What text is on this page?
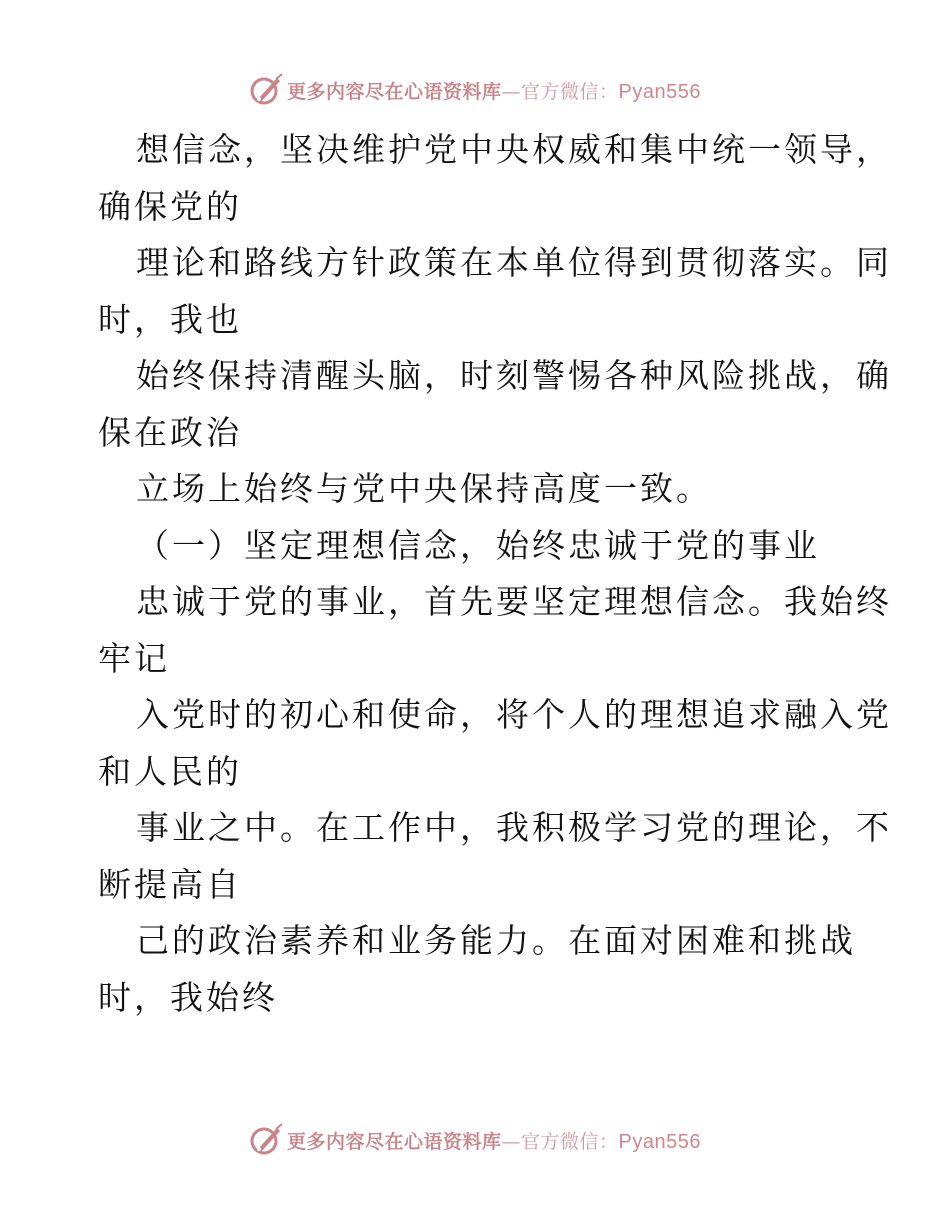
更多内容尽在心语资料库—官方微信：Pyan556
想信念，坚决维护党中央权威和集中统一领导，
确保党的
理论和路线方针政策在本单位得到贯彻落实。同
时，我也
始终保持清醒头脑，时刻警惕各种风险挑战，确
保在政治
立场上始终与党中央保持高度一致。
（一）坚定理想信念，始终忠诚于党的事业
忠诚于党的事业，首先要坚定理想信念。我始终
牢记
入党时的初心和使命，将个人的理想追求融入党
和人民的
事业之中。在工作中，我积极学习党的理论，不
断提高自
己的政治素养和业务能力。在面对困难和挑战
时，我始终
更多内容尽在心语资料库—官方微信：Pyan556
